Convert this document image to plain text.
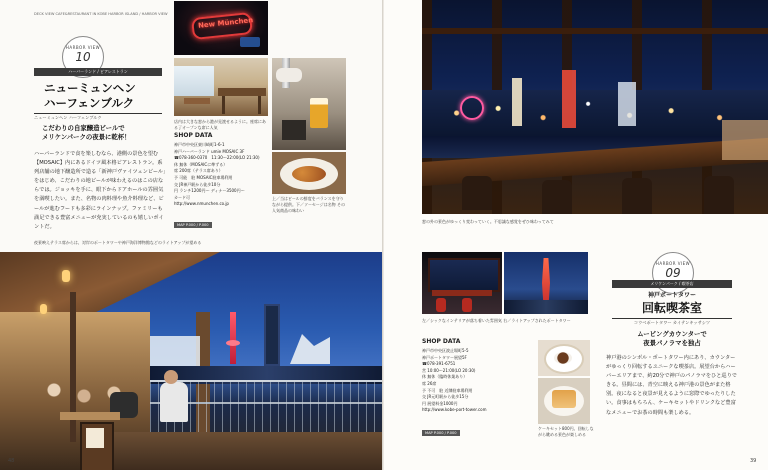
DECK VIEW CAFE&RESTAURANT IN KOBE HARBOR ISLAND / HARBOR VIEW
HARBOR VIEW
10
ハーバーランド / ビアレストラン
ニューミュンヘン
ハーフェンブルク
ニューミュンヘン ハーフェンブルク
こだわりの自家醸造ビールで
メリケンパークの夜景に乾杯！
ハーバーランドで食を楽しむなら、港側の景色を望む【MOSAIC】内にあるドイツ風本格ビアレストラン。系列店舗の地下醸造所で造る「新神戸ヴァイツェンビール」をはじめ、こだわりの地ビールが味わえるのはこの店ならでは。ジョッキを手に、眼下からドアホールの雰囲気を満喫したい。また、名物の肉料理や魚介料理など、ビールが進むフードも多彩にラインナップ。ファミリーも満足できる豊富メニューが充実しているのも嬉しいポイントだ。
New München
店内は大きな窓から港が見渡せるように。座席にある了オープンな席に人気
SHOP DATA
神戸市中央区東川崎町1-6-1
神戸ハーバーランド umie MOSAIC 3F
☎078-360-0370　11:30〜22:00(LO 21:30)
休 無休（MOSAICに準ずる）
席 200席（テラス席あり）
予 可能　駐 MOSAIC駐車場利用
交 JR神戸駅から徒歩10分
円 ランチ1200円〜 ディナー3500円〜
カード可
http://www.nmunchen.co.jp
MAP P.000 / P.000
上／当はビールの鮮度をバランスを守りながら提供。下／ソーセージは名物 その人気商品の味わい
夜景映えテラス席からは、対岸のポートタワーや神戸海洋博物館などのライトアップが望める
48
窓の外の景色がゆっくり変わっていく。不思議な感覚をぜひ味わってみて
左／シックなインテリアが落ち着いた雰囲気 右／ライトアップされたポートタワー
SHOP DATA
神戸市中央区波止場町5-5
神戸ポートタワー展望5F
☎078-391-6751
営 10:00〜21:00(LO 20:30)
休 無休（臨時休業あり）
席 26席
予 不可　駐 近隣駐車場利用
交 JR元町駅から徒歩15分
円 展望料金1000円
http://www.kobe-port-tower.com
MAP P.000 / P.000
ケーキセット800円。回転しながら眺める景色が楽しめる
HARBOR VIEW
09
メリケンパーク / 喫茶店
神戸ポートタワー
回転喫茶室
コウベポートタワー カイテンキッサシツ
ムービングカウンターで
夜景パノラマを独占
神戸港のシンボル・ポートタワー内にあり、カウンターがゆっくり回転するユニークな喫茶店。展望台からハーバーエリアまで、約20分で神戸のパノラマをひと巡りできる。昼間には、青空に映える神戸港の景色がまた格別。夜になると夜景が見えるように窓際でゆったりしたい。食事はもちろん、ケーキセットやドリンクなど豊富なメニューでお茶の時間も楽しめる。
39
